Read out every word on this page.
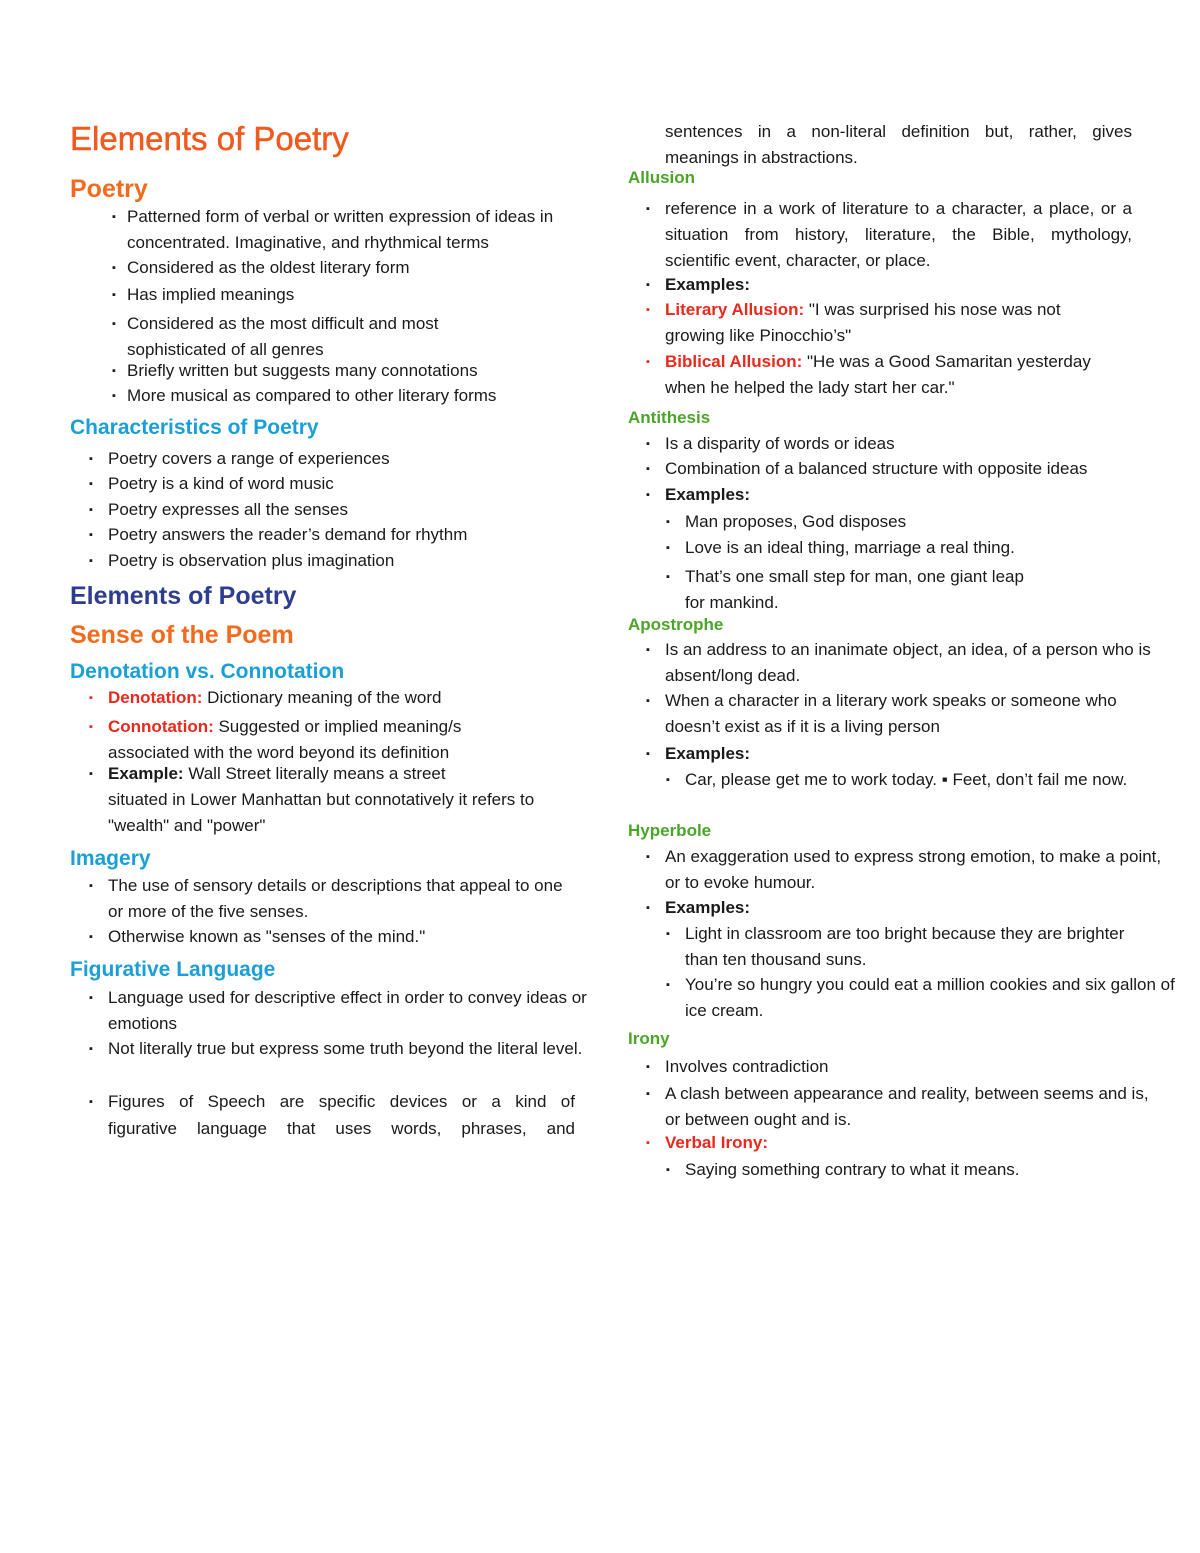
Elements of Poetry
Poetry
▪ Patterned form of verbal or written expression of ideas in concentrated. Imaginative, and rhythmical terms
▪ Considered as the oldest literary form
▪ Has implied meanings
▪ Considered as the most difficult and most sophisticated of all genres
▪ Briefly written but suggests many connotations
▪ More musical as compared to other literary forms
Characteristics of Poetry
▪ Poetry covers a range of experiences
▪ Poetry is a kind of word music
▪ Poetry expresses all the senses
▪ Poetry answers the reader’s demand for rhythm
▪ Poetry is observation plus imagination
Elements of Poetry
Sense of the Poem
Denotation vs. Connotation
▪ Denotation: Dictionary meaning of the word
▪ Connotation: Suggested or implied meaning/s
associated with the word beyond its definition
▪ Example: Wall Street literally means a street
situated in Lower Manhattan but connotatively it refers to
"wealth" and "power"
Imagery
▪ The use of sensory details or descriptions that appeal to one or more of the five senses.
▪ Otherwise known as "senses of the mind."
Figurative Language
▪ Language used for descriptive effect in order to convey ideas or emotions
▪ Not literally true but express some truth beyond the literal level.
▪ Figures of Speech are specific devices or a kind of
figurative language that uses words, phrases, and
sentences in a non-literal definition but, rather, gives
meanings in abstractions.
Allusion
▪ reference in a work of literature to a character, a place, or a
situation from history, literature, the Bible, mythology,
scientific event, character, or place.
▪ Examples:
▪ Literary Allusion: "I was surprised his nose was not
growing like Pinocchio’s"
▪ Biblical Allusion: "He was a Good Samaritan yesterday
when he helped the lady start her car."
Antithesis
▪ Is a disparity of words or ideas
▪ Combination of a balanced structure with opposite ideas
▪ Examples:
▪ Man proposes, God disposes
▪ Love is an ideal thing, marriage a real thing.
▪ That’s one small step for man, one giant leap for mankind.
Apostrophe
▪ Is an address to an inanimate object, an idea, of a person who is absent/long dead.
▪ When a character in a literary work speaks or someone who doesn’t exist as if it is a living person
▪ Examples:
▪ Car, please get me to work today. ▪ Feet, don’t fail me now.
Hyperbole
▪ An exaggeration used to express strong emotion, to make a point, or to evoke humour.
▪ Examples:
▪ Light in classroom are too bright because they are brighter than ten thousand suns.
▪ You’re so hungry you could eat a million cookies and six gallon of ice cream.
Irony
▪ Involves contradiction
▪ A clash between appearance and reality, between seems and is, or between ought and is.
▪ Verbal Irony:
▪ Saying something contrary to what it means.
